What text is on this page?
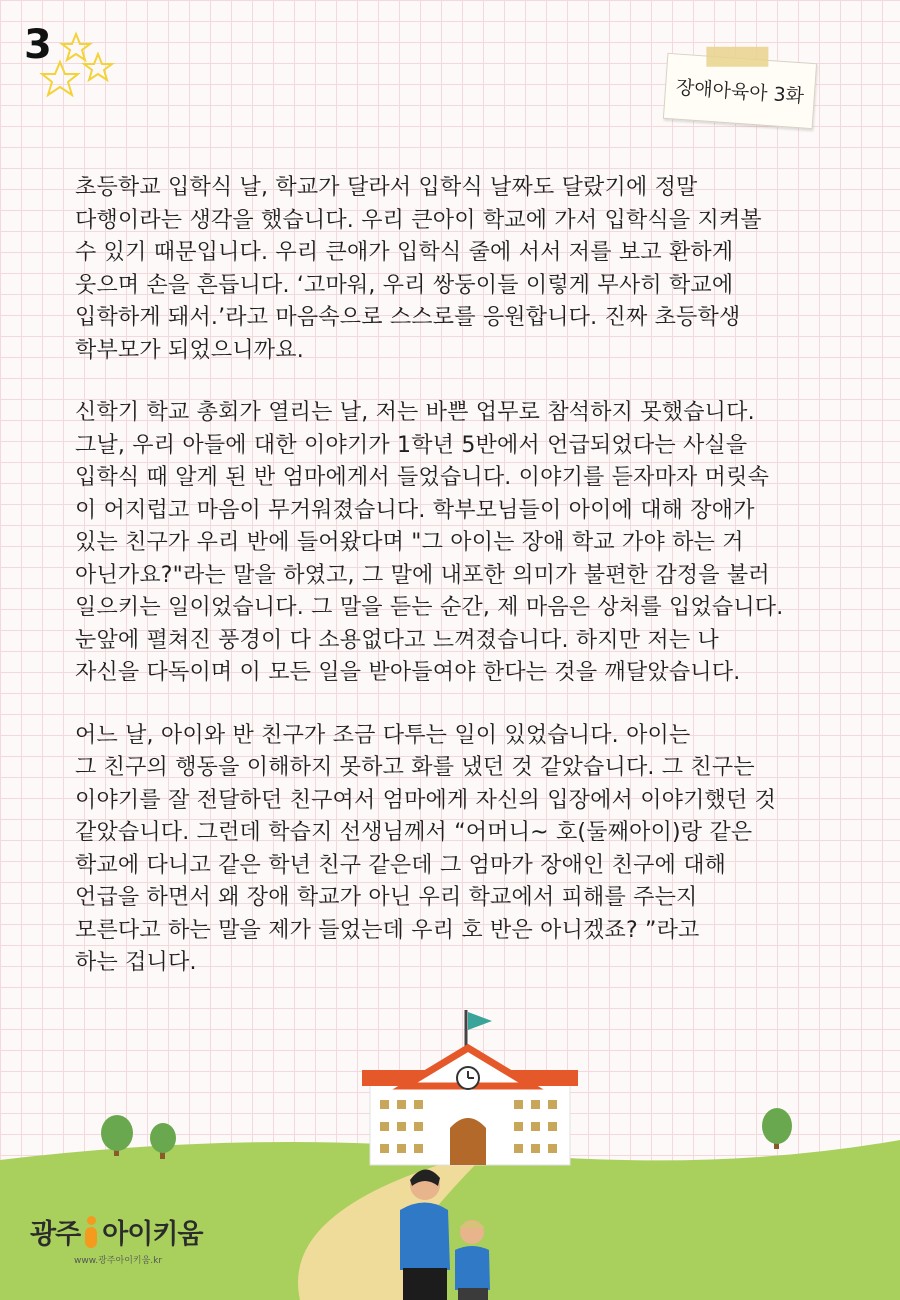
3
장애아육아 3화
초등학교 입학식 날, 학교가 달라서 입학식 날짜도 달랐기에 정말
다행이라는 생각을 했습니다. 우리 큰아이 학교에 가서 입학식을 지켜볼
수 있기 때문입니다. 우리 큰애가 입학식 줄에 서서 저를 보고 환하게
웃으며 손을 흔듭니다. ‘고마워, 우리 쌍둥이들 이렇게 무사히 학교에
입학하게 돼서.’라고 마음속으로 스스로를 응원합니다. 진짜 초등학생
학부모가 되었으니까요.
신학기 학교 총회가 열리는 날, 저는 바쁜 업무로 참석하지 못했습니다.
그날, 우리 아들에 대한 이야기가 1학년 5반에서 언급되었다는 사실을
입학식 때 알게 된 반 엄마에게서 들었습니다. 이야기를 듣자마자 머릿속
이 어지럽고 마음이 무거워졌습니다. 학부모님들이 아이에 대해 장애가
있는 친구가 우리 반에 들어왔다며 "그 아이는 장애 학교 가야 하는 거
아닌가요?"라는 말을 하였고, 그 말에 내포한 의미가 불편한 감정을 불러
일으키는 일이었습니다. 그 말을 듣는 순간, 제 마음은 상처를 입었습니다.
눈앞에 펼쳐진 풍경이 다 소용없다고 느껴졌습니다. 하지만 저는 나
자신을 다독이며 이 모든 일을 받아들여야 한다는 것을 깨달았습니다.
어느 날, 아이와 반 친구가 조금 다투는 일이 있었습니다. 아이는
그 친구의 행동을 이해하지 못하고 화를 냈던 것 같았습니다. 그 친구는
이야기를 잘 전달하던 친구여서 엄마에게 자신의 입장에서 이야기했던 것
같았습니다. 그런데 학습지 선생님께서 “어머니~ 호(둘째아이)랑 같은
학교에 다니고 같은 학년 친구 같은데 그 엄마가 장애인 친구에 대해
언급을 하면서 왜 장애 학교가 아닌 우리 학교에서 피해를 주는지
모른다고 하는 말을 제가 들었는데 우리 호 반은 아니겠죠? ”라고
하는 겁니다.
광주 아이키움
www.광주아이키움.kr
